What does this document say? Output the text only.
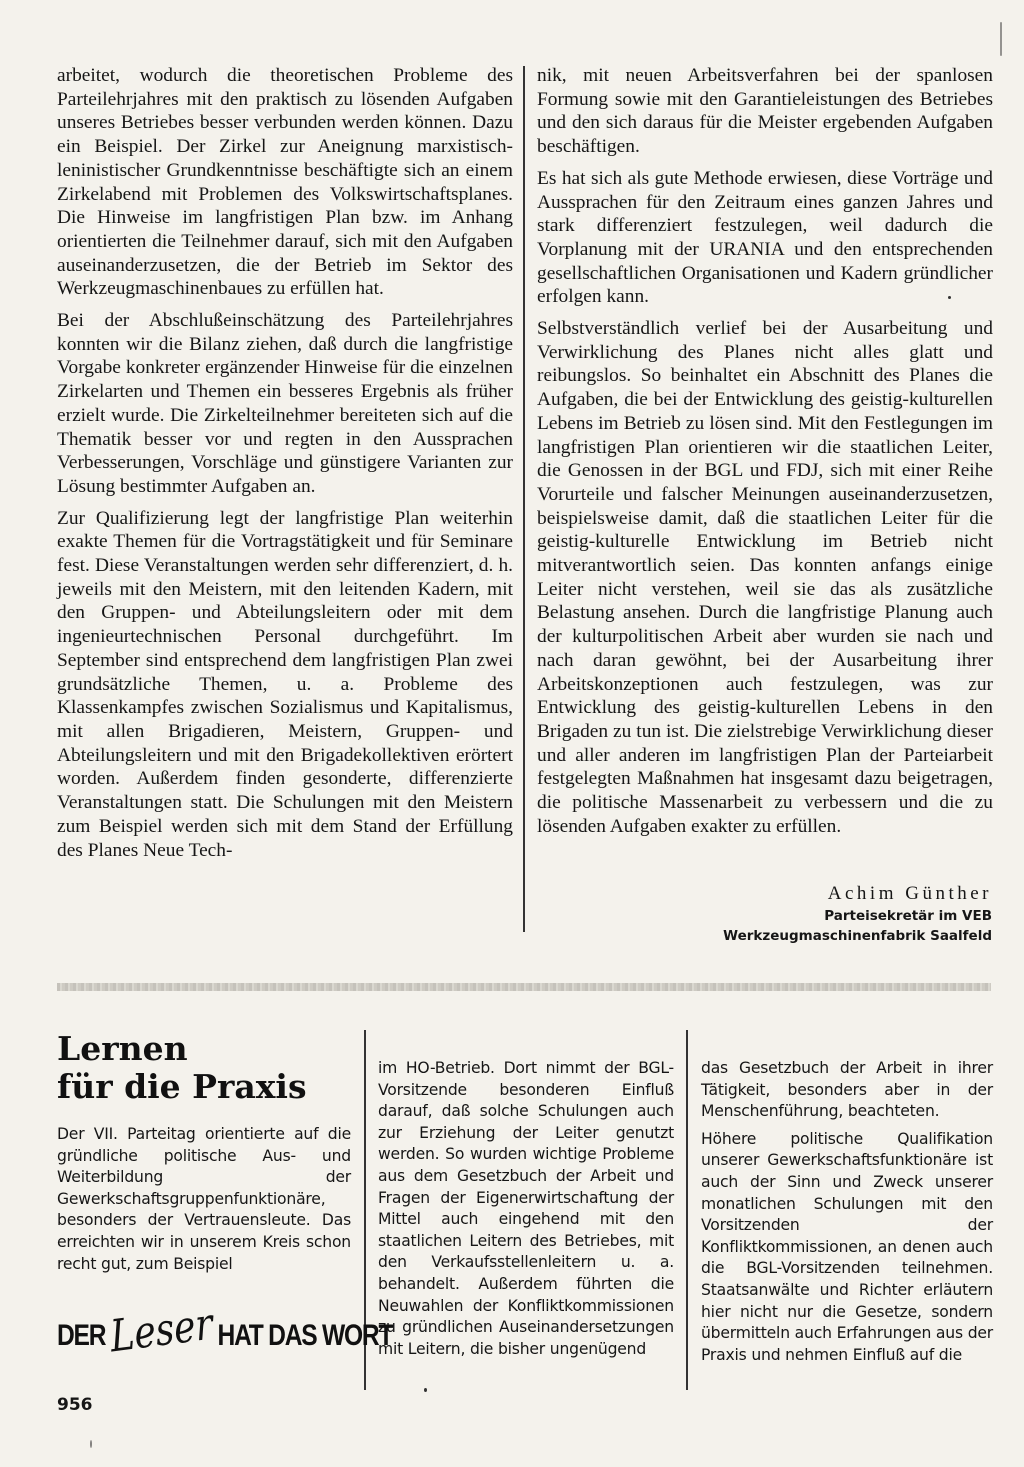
arbeitet, wodurch die theoretischen Probleme des Parteilehrjahres mit den praktisch zu lösenden Aufgaben unseres Betriebes besser verbunden werden können. Dazu ein Beispiel. Der Zirkel zur Aneignung marxistisch-leninistischer Grundkenntnisse beschäftigte sich an einem Zirkelabend mit Problemen des Volkswirtschaftsplanes. Die Hinweise im langfristigen Plan bzw. im Anhang orientierten die Teilnehmer darauf, sich mit den Aufgaben auseinanderzusetzen, die der Betrieb im Sektor des Werkzeugmaschinenbaues zu erfüllen hat.

Bei der Abschlußeinschätzung des Parteilehrjahres konnten wir die Bilanz ziehen, daß durch die langfristige Vorgabe konkreter ergänzender Hinweise für die einzelnen Zirkelarten und Themen ein besseres Ergebnis als früher erzielt wurde. Die Zirkelteilnehmer bereiteten sich auf die Thematik besser vor und regten in den Aussprachen Verbesserungen, Vorschläge und günstigere Varianten zur Lösung bestimmter Aufgaben an.

Zur Qualifizierung legt der langfristige Plan weiterhin exakte Themen für die Vortragstätigkeit und für Seminare fest. Diese Veranstaltungen werden sehr differenziert, d. h. jeweils mit den Meistern, mit den leitenden Kadern, mit den Gruppen- und Abteilungsleitern oder mit dem ingenieurtechnischen Personal durchgeführt. Im September sind entsprechend dem langfristigen Plan zwei grundsätzliche Themen, u. a. Probleme des Klassenkampfes zwischen Sozialismus und Kapitalismus, mit allen Brigadieren, Meistern, Gruppen- und Abteilungsleitern und mit den Brigadekollektiven erörtert worden. Außerdem finden gesonderte, differenzierte Veranstaltungen statt. Die Schulungen mit den Meistern zum Beispiel werden sich mit dem Stand der Erfüllung des Planes Neue Tech-

nik, mit neuen Arbeitsverfahren bei der spanlosen Formung sowie mit den Garantieleistungen des Betriebes und den sich daraus für die Meister ergebenden Aufgaben beschäftigen.

Es hat sich als gute Methode erwiesen, diese Vorträge und Aussprachen für den Zeitraum eines ganzen Jahres und stark differenziert festzulegen, weil dadurch die Vorplanung mit der URANIA und den entsprechenden gesellschaftlichen Organisationen und Kadern gründlicher erfolgen kann.

Selbstverständlich verlief bei der Ausarbeitung und Verwirklichung des Planes nicht alles glatt und reibungslos. So beinhaltet ein Abschnitt des Planes die Aufgaben, die bei der Entwicklung des geistig-kulturellen Lebens im Betrieb zu lösen sind. Mit den Festlegungen im langfristigen Plan orientieren wir die staatlichen Leiter, die Genossen in der BGL und FDJ, sich mit einer Reihe Vorurteile und falscher Meinungen auseinanderzusetzen, beispielsweise damit, daß die staatlichen Leiter für die geistig-kulturelle Entwicklung im Betrieb nicht mitverantwortlich seien. Das konnten anfangs einige Leiter nicht verstehen, weil sie das als zusätzliche Belastung ansehen. Durch die langfristige Planung auch der kulturpolitischen Arbeit aber wurden sie nach und nach daran gewöhnt, bei der Ausarbeitung ihrer Arbeitskonzeptionen auch festzulegen, was zur Entwicklung des geistig-kulturellen Lebens in den Brigaden zu tun ist. Die zielstrebige Verwirklichung dieser und aller anderen im langfristigen Plan der Parteiarbeit festgelegten Maßnahmen hat insgesamt dazu beigetragen, die politische Massenarbeit zu verbessern und die zu lösenden Aufgaben exakter zu erfüllen.

Achim Günther
Parteisekretär im VEB
Werkzeugmaschinenfabrik Saalfeld
Lernen
für die Praxis

Der VII. Parteitag orientierte auf die gründliche politische Aus- und Weiterbildung der Gewerkschaftsgruppenfunktionäre, besonders der Vertrauensleute. Das erreichten wir in unserem Kreis schon recht gut, zum Beispiel

im HO-Betrieb. Dort nimmt der BGL-Vorsitzende besonderen Einfluß darauf, daß solche Schulungen auch zur Erziehung der Leiter genutzt werden. So wurden wichtige Probleme aus dem Gesetzbuch der Arbeit und Fragen der Eigenerwirtschaftung der Mittel auch eingehend mit den staatlichen Leitern des Betriebes, mit den Verkaufsstellenleitern u. a. behandelt. Außerdem führten die Neuwahlen der Konfliktkommissionen zu gründlichen Auseinandersetzungen mit Leitern, die bisher ungenügend

das Gesetzbuch der Arbeit in ihrer Tätigkeit, besonders aber in der Menschenführung, beachteten.

Höhere politische Qualifikation unserer Gewerkschaftsfunktionäre ist auch der Sinn und Zweck unserer monatlichen Schulungen mit den Vorsitzenden der Konfliktkommissionen, an denen auch die BGL-Vorsitzenden teilnehmen. Staatsanwälte und Richter erläutern hier nicht nur die Gesetze, sondern übermitteln auch Erfahrungen aus der Praxis und nehmen Einfluß auf die

DERLeser HAT DAS WORT
956
